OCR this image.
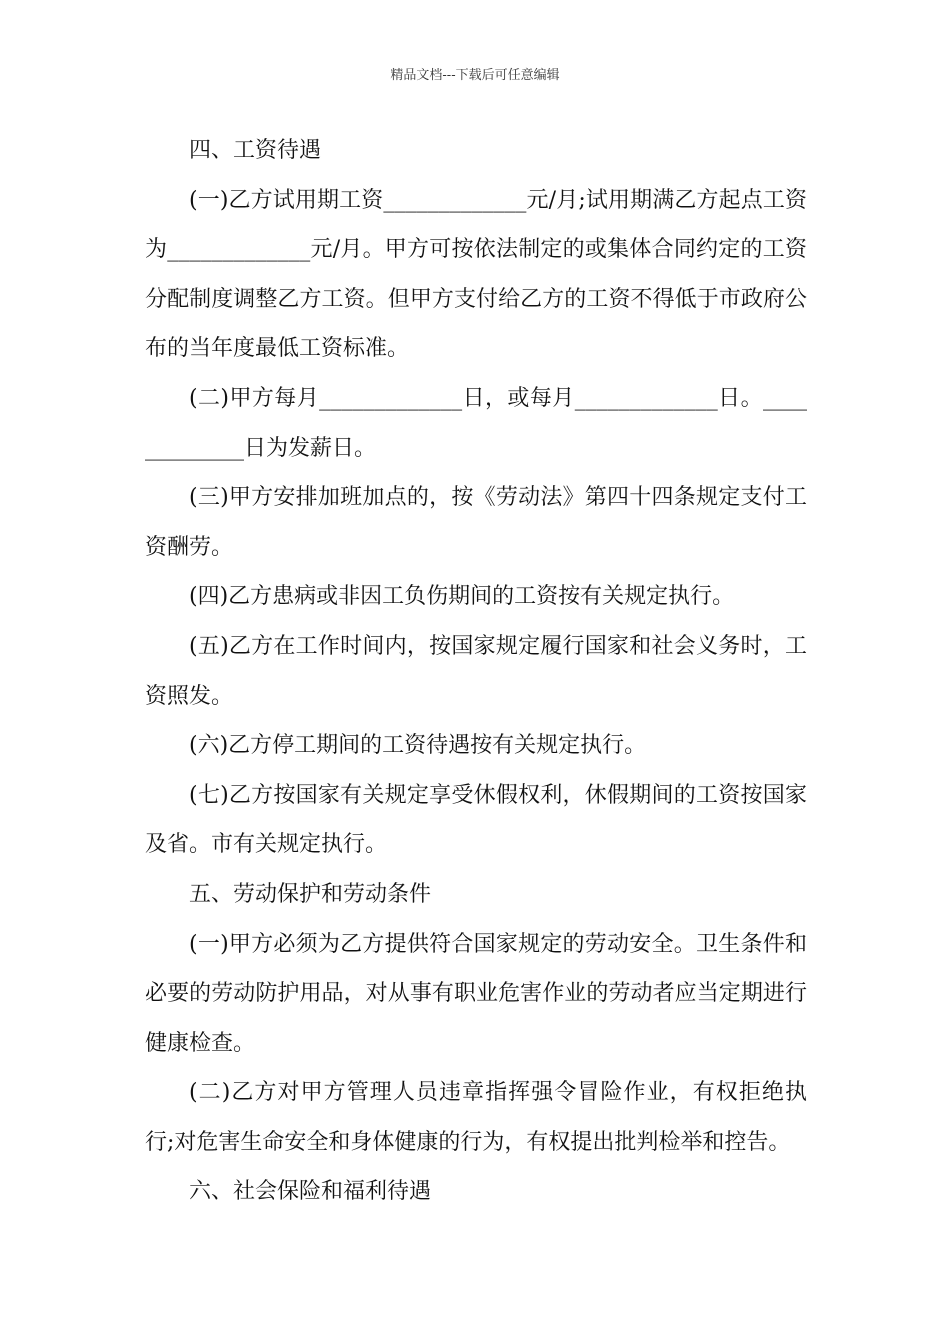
精品文档---下载后可任意编辑

四、工资待遇

(一)乙方试用期工资_____________元/月;试用期满乙方起点工资为_____________元/月。甲方可按依法制定的或集体合同约定的工资分配制度调整乙方工资。但甲方支付给乙方的工资不得低于市政府公布的当年度最低工资标准。

(二)甲方每月_____________日，或每月_____________日。_____________日为发薪日。

(三)甲方安排加班加点的，按《劳动法》第四十四条规定支付工资酬劳。

(四)乙方患病或非因工负伤期间的工资按有关规定执行。

(五)乙方在工作时间内，按国家规定履行国家和社会义务时，工资照发。

(六)乙方停工期间的工资待遇按有关规定执行。

(七)乙方按国家有关规定享受休假权利，休假期间的工资按国家及省。市有关规定执行。

五、劳动保护和劳动条件

(一)甲方必须为乙方提供符合国家规定的劳动安全。卫生条件和必要的劳动防护用品，对从事有职业危害作业的劳动者应当定期进行健康检查。

(二)乙方对甲方管理人员违章指挥强令冒险作业，有权拒绝执行;对危害生命安全和身体健康的行为，有权提出批判检举和控告。

六、社会保险和福利待遇
